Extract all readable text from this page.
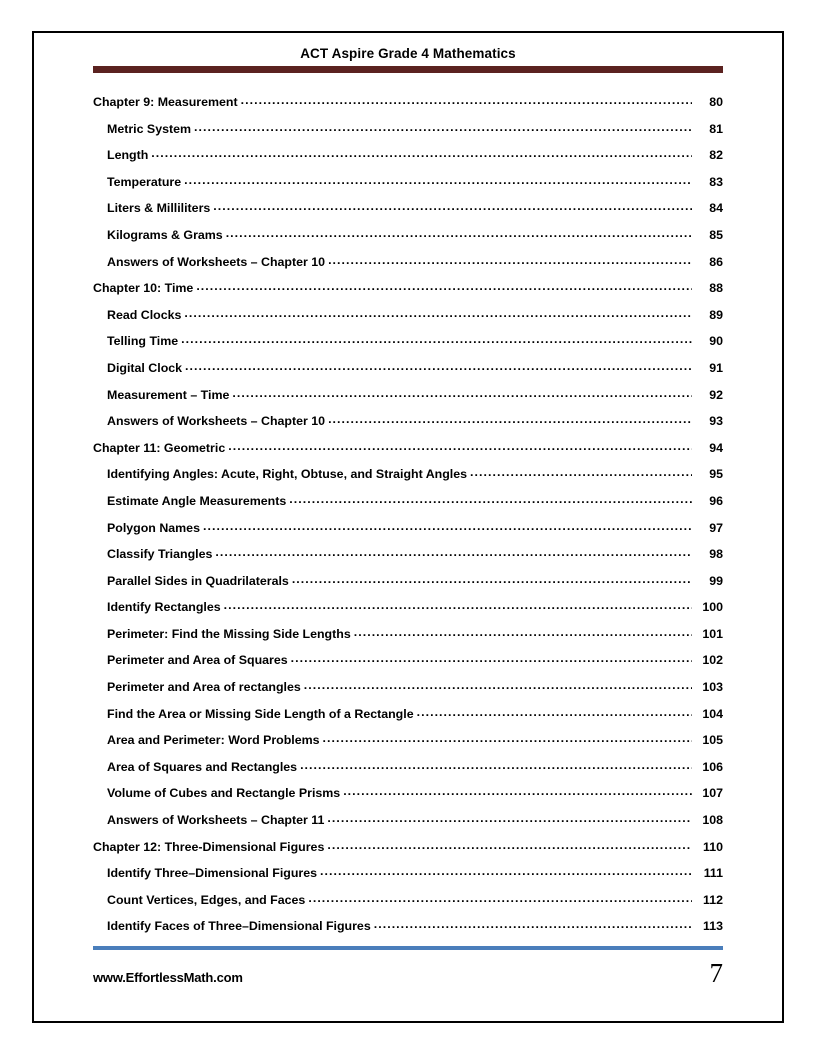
ACT Aspire Grade 4 Mathematics
Chapter 9: Measurement .....	80
Metric System .....	81
Length .....	82
Temperature .....	83
Liters & Milliliters .....	84
Kilograms & Grams .....	85
Answers of Worksheets – Chapter 10 .....	86
Chapter 10: Time .....	88
Read Clocks .....	89
Telling Time .....	90
Digital Clock .....	91
Measurement – Time .....	92
Answers of Worksheets – Chapter 10 .....	93
Chapter 11: Geometric .....	94
Identifying Angles: Acute, Right, Obtuse, and Straight Angles .....	95
Estimate Angle Measurements .....	96
Polygon Names .....	97
Classify Triangles .....	98
Parallel Sides in Quadrilaterals .....	99
Identify Rectangles .....	100
Perimeter: Find the Missing Side Lengths .....	101
Perimeter and Area of Squares .....	102
Perimeter and Area of rectangles .....	103
Find the Area or Missing Side Length of a Rectangle .....	104
Area and Perimeter: Word Problems .....	105
Area of Squares and Rectangles .....	106
Volume of Cubes and Rectangle Prisms .....	107
Answers of Worksheets – Chapter 11 .....	108
Chapter 12: Three-Dimensional Figures .....	110
Identify Three–Dimensional Figures .....	111
Count Vertices, Edges, and Faces .....	112
Identify Faces of Three–Dimensional Figures .....	113
www.EffortlessMath.com	7
